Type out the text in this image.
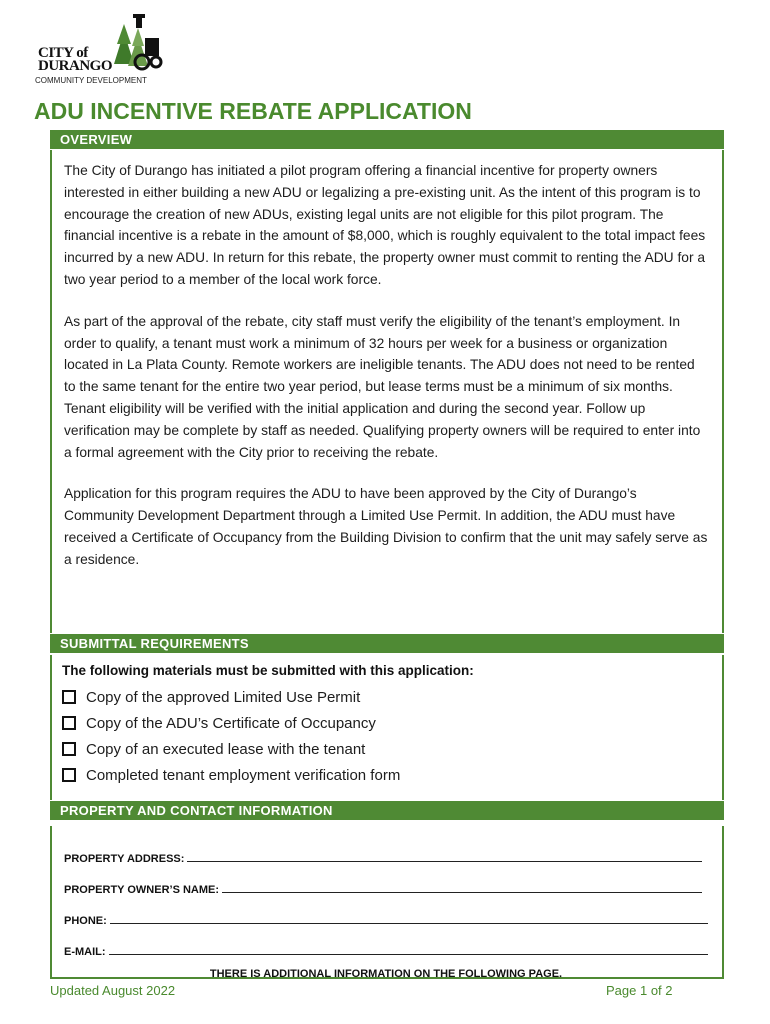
CITY of
DURANGO
COMMUNITY DEVELOPMENT
ADU INCENTIVE REBATE APPLICATION
OVERVIEW

The City of Durango has initiated a pilot program offering a financial incentive for property owners interested in either building a new ADU or legalizing a pre-existing unit. As the intent of this program is to encourage the creation of new ADUs, existing legal units are not eligible for this pilot program. The financial incentive is a rebate in the amount of $8,000, which is roughly equivalent to the total impact fees incurred by a new ADU. In return for this rebate, the property owner must commit to renting the ADU for a two year period to a member of the local work force.

As part of the approval of the rebate, city staff must verify the eligibility of the tenant’s employment. In order to qualify, a tenant must work a minimum of 32 hours per week for a business or organization located in La Plata County. Remote workers are ineligible tenants. The ADU does not need to be rented to the same tenant for the entire two year period, but lease terms must be a minimum of six months. Tenant eligibility will be verified with the initial application and during the second year. Follow up verification may be complete by staff as needed. Qualifying property owners will be required to enter into a formal agreement with the City prior to receiving the rebate.

Application for this program requires the ADU to have been approved by the City of Durango’s Community Development Department through a Limited Use Permit. In addition, the ADU must have received a Certificate of Occupancy from the Building Division to confirm that the unit may safely serve as a residence.

SUBMITTAL REQUIREMENTS
The following materials must be submitted with this application:
Copy of the approved Limited Use Permit
Copy of the ADU’s Certificate of Occupancy
Copy of an executed lease with the tenant
Completed tenant employment verification form
PROPERTY AND CONTACT INFORMATION
PROPERTY ADDRESS:
PROPERTY OWNER’S NAME:
PHONE:
E-MAIL:
THERE IS ADDITIONAL INFORMATION ON THE FOLLOWING PAGE.
Updated August 2022	Page 1 of 2
